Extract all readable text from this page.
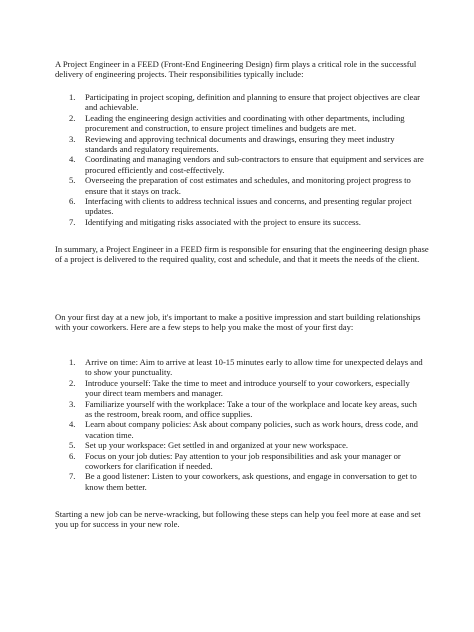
A Project Engineer in a FEED (Front-End Engineering Design) firm plays a critical role in the successful delivery of engineering projects. Their responsibilities typically include:

1. Participating in project scoping, definition and planning to ensure that project objectives are clear and achievable.
2. Leading the engineering design activities and coordinating with other departments, including procurement and construction, to ensure project timelines and budgets are met.
3. Reviewing and approving technical documents and drawings, ensuring they meet industry standards and regulatory requirements.
4. Coordinating and managing vendors and sub-contractors to ensure that equipment and services are procured efficiently and cost-effectively.
5. Overseeing the preparation of cost estimates and schedules, and monitoring project progress to ensure that it stays on track.
6. Interfacing with clients to address technical issues and concerns, and presenting regular project updates.
7. Identifying and mitigating risks associated with the project to ensure its success.

In summary, a Project Engineer in a FEED firm is responsible for ensuring that the engineering design phase of a project is delivered to the required quality, cost and schedule, and that it meets the needs of the client.

On your first day at a new job, it's important to make a positive impression and start building relationships with your coworkers. Here are a few steps to help you make the most of your first day:

1. Arrive on time: Aim to arrive at least 10-15 minutes early to allow time for unexpected delays and to show your punctuality.
2. Introduce yourself: Take the time to meet and introduce yourself to your coworkers, especially your direct team members and manager.
3. Familiarize yourself with the workplace: Take a tour of the workplace and locate key areas, such as the restroom, break room, and office supplies.
4. Learn about company policies: Ask about company policies, such as work hours, dress code, and vacation time.
5. Set up your workspace: Get settled in and organized at your new workspace.
6. Focus on your job duties: Pay attention to your job responsibilities and ask your manager or coworkers for clarification if needed.
7. Be a good listener: Listen to your coworkers, ask questions, and engage in conversation to get to know them better.

Starting a new job can be nerve-wracking, but following these steps can help you feel more at ease and set you up for success in your new role.
